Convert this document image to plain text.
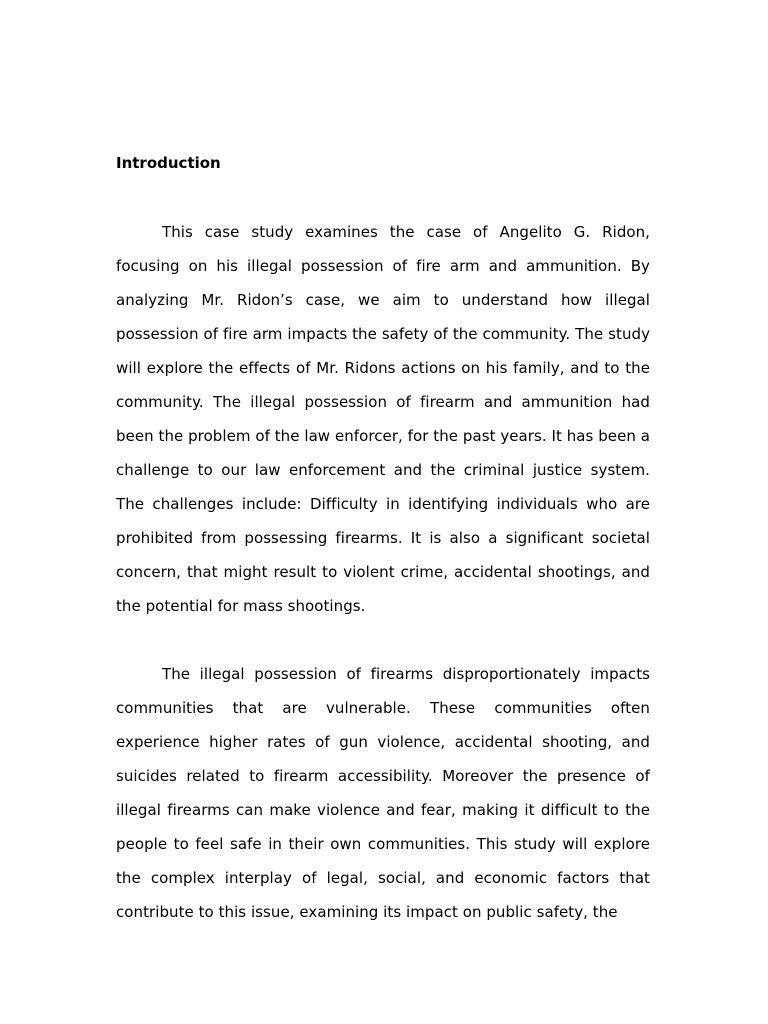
Introduction

This case study examines the case of Angelito G. Ridon, focusing on his illegal possession of fire arm and ammunition. By analyzing Mr. Ridon’s case, we aim to understand how illegal possession of fire arm impacts the safety of the community. The study will explore the effects of Mr. Ridons actions on his family, and to the community. The illegal possession of firearm and ammunition had been the problem of the law enforcer, for the past years. It has been a challenge to our law enforcement and the criminal justice system. The challenges include: Difficulty in identifying individuals who are prohibited from possessing firearms. It is also a significant societal concern, that might result to violent crime, accidental shootings, and the potential for mass shootings.

The illegal possession of firearms disproportionately impacts communities that are vulnerable. These communities often experience higher rates of gun violence, accidental shooting, and suicides related to firearm accessibility. Moreover the presence of illegal firearms can make violence and fear, making it difficult to the people to feel safe in their own communities. This study will explore the complex interplay of legal, social, and economic factors that contribute to this issue, examining its impact on public safety, the
